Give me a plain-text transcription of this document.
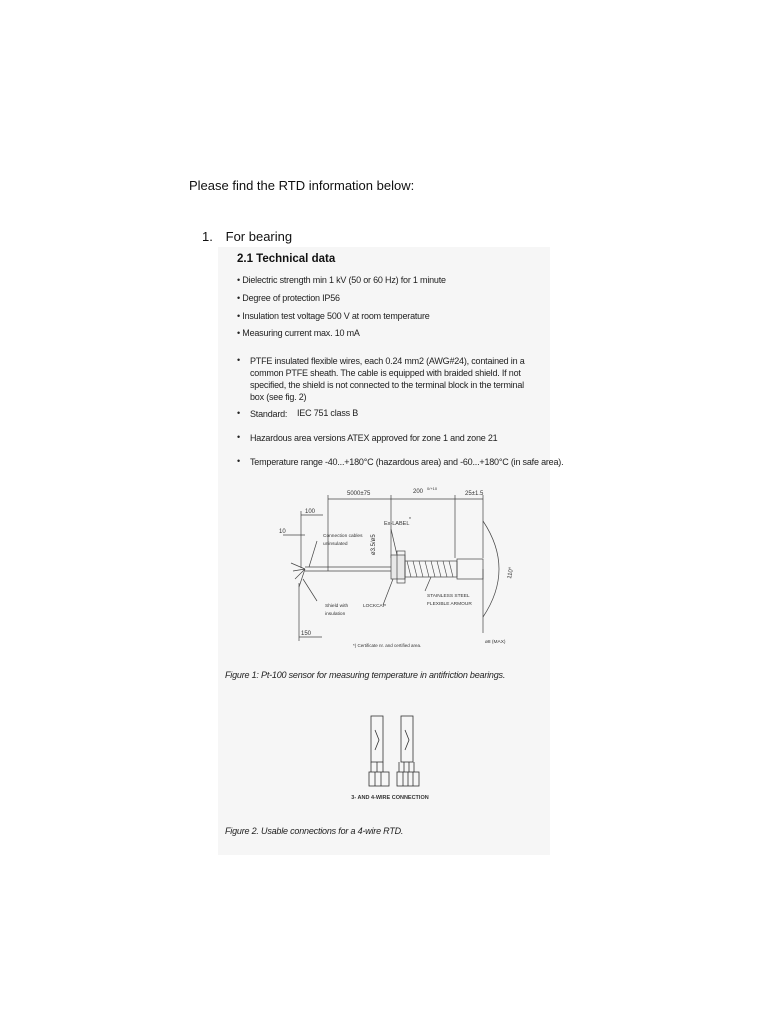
Please find the RTD information below:
1. For bearing
2.1 Technical data
• Dielectric strength min 1 kV (50 or 60 Hz) for 1 minute
• Degree of protection IP56
• Insulation test voltage 500 V at room temperature
• Measuring current max. 10 mA
• PTFE insulated flexible wires, each 0.24 mm2 (AWG#24), contained in a common PTFE sheath. The cable is equipped with braided shield. If not specified, the shield is not connected to the terminal block in the terminal box (see fig. 2)
• Standard:	IEC 751 class B
• Hazardous area versions ATEX approved for zone 1 and zone 21
• Temperature range -40...+180°C (hazardous area) and -60...+180°C (in safe area).
5000±75	200
0/+10
25±1.5
100
10
150
ø3.5/ø5
110°
Connection cables
uninsulated
Ex-LABEL
*
STAINLESS STEEL
FLEXIBLE ARMOUR
Shield with
insulation
LOCKCAP
*) Certificate nr. and certified area.
ø8 (MAX)
Figure 1: Pt-100 sensor for measuring temperature in antifriction bearings.
3- AND 4-WIRE CONNECTION
Figure 2. Usable connections for a 4-wire RTD.
